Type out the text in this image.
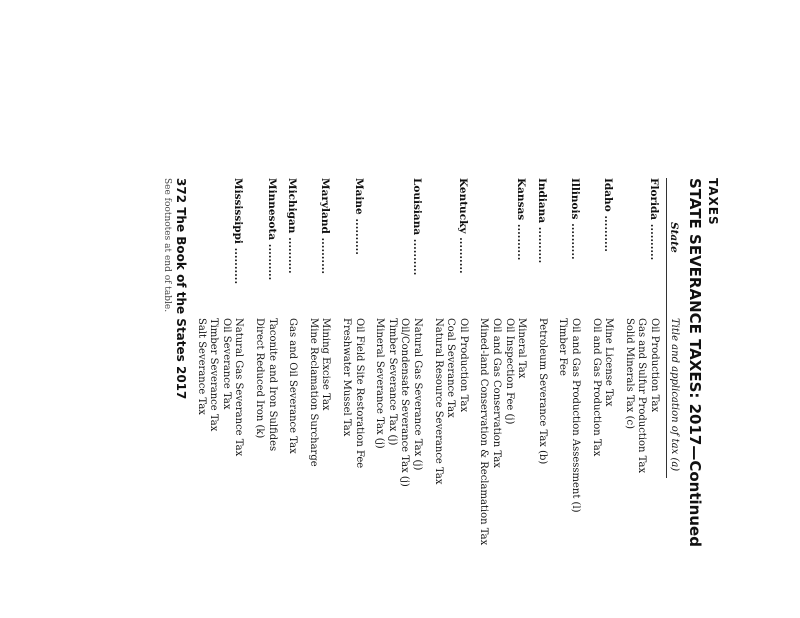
TAXES
STATE SEVERANCE TAXES: 2017—Continued
State
Title and application of tax (a)
Florida ..........
Oil Production Tax
Gas and Sulfur Production Tax
Solid Minerals Tax (c)
Idaho ..........
Mine License Tax
Oil and Gas Production Tax
Illinois ..........
Oil and Gas Production Assessment (l)
Timber Fee
Indiana ..........
Petroleum Severance Tax (b)
Kansas ..........
Mineral Tax
Oil Inspection Fee (j)
Oil and Gas Conservation Tax
Mined-land Conservation & Reclamation Tax
Kentucky ..........
Oil Production Tax
Coal Severance Tax
Natural Resource Severance Tax
Louisiana ..........
Natural Gas Severance Tax (j)
Oil/Condensate Severance Tax (j)
Timber Severance Tax (j)
Mineral Severance Tax (j)
Maine ..........
Oil Field Site Restoration Fee
Freshwater Mussel Tax
Maryland ..........
Mining Excise Tax
Mine Reclamation Surcharge
Michigan ..........
Gas and Oil Severance Tax
Minnesota ..........
Taconite and Iron Sulfides
Direct Reduced Iron (k)
Mississippi ..........
Natural Gas Severance Tax
Oil Severance Tax
Timber Severance Tax
Salt Severance Tax
372 The Book of the States 2017
See footnotes at end of table.
